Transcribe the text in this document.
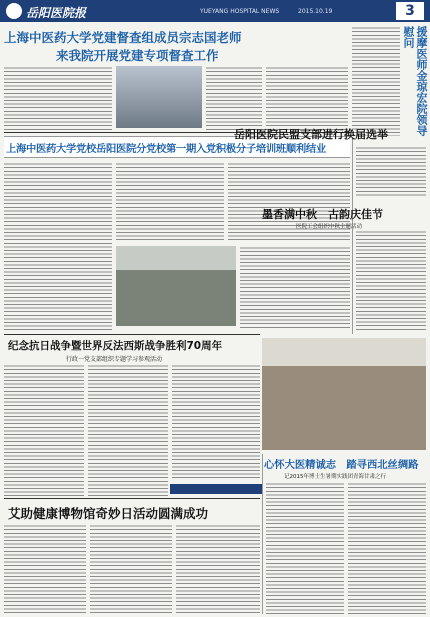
岳阳医院报	YUEYANG HOSPITAL NEWS	2015.10.19	3
上海中医药大学党建督查组成员宗志国老师
来我院开展党建专项督查工作	援摩医师金琼宏院领导慰问
上海中医药大学党校岳阳医院分党校第一期入党积极分子培训班顺利结业
岳阳医院民盟支部进行换届选举
墨香满中秋　古韵庆佳节
医院工会组织中秋主题活动
纪念抗日战争暨世界反法西斯战争胜利70周年
行政一党支部组织专题学习参观活动
艾助健康博物馆奇妙日活动圆满成功
心怀大医精诚志　踏寻西北丝绸路
记2015年博士生暑期实践团青海甘肃之行
